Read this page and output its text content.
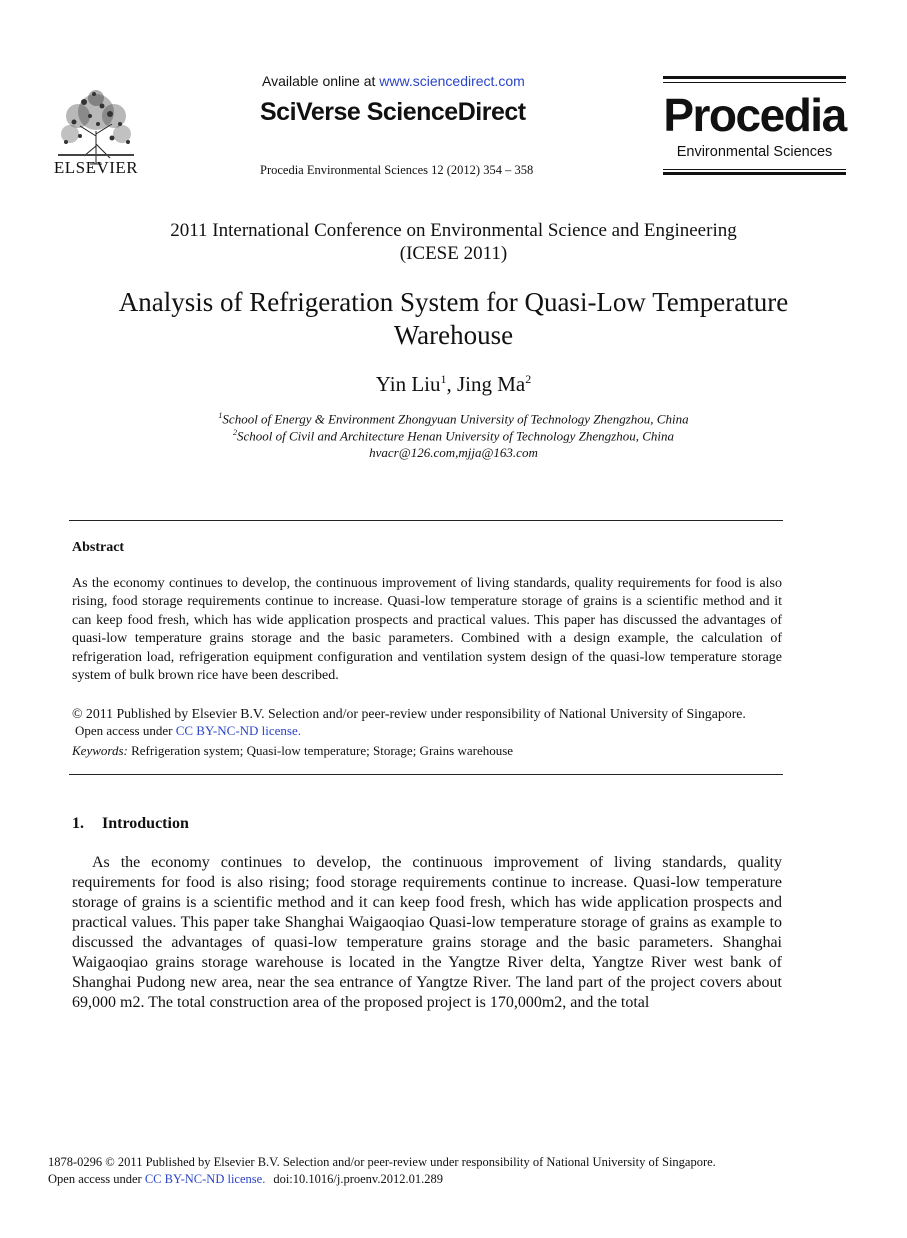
ELSEVIER
Available online at www.sciencedirect.com
SciVerse ScienceDirect
Procedia Environmental Sciences 12 (2012) 354 – 358
Procedia
Environmental Sciences
2011 International Conference on Environmental Science and Engineering
(ICESE 2011)
Analysis of Refrigeration System for Quasi-Low Temperature
Warehouse
Yin Liu$^1$, Jing Ma$^2$
$^1$School of Energy & Environment Zhongyuan University of Technology Zhengzhou, China
$^2$School of Civil and Architecture Henan University of Technology Zhengzhou, China
hvacr@126.com,mjja@163.com
Abstract
As the economy continues to develop, the continuous improvement of living standards, quality requirements for food is also rising, food storage requirements continue to increase. Quasi-low temperature storage of grains is a scientific method and it can keep food fresh, which has wide application prospects and practical values. This paper has discussed the advantages of quasi-low temperature grains storage and the basic parameters. Combined with a design example, the calculation of refrigeration load, refrigeration equipment configuration and ventilation system design of the quasi-low temperature storage system of bulk brown rice have been described.
© 2011 Published by Elsevier B.V. Selection and/or peer-review under responsibility of National University of Singapore.
Open access under CC BY-NC-ND license.
Keywords: Refrigeration system; Quasi-low temperature; Storage; Grains warehouse
1. Introduction
As the economy continues to develop, the continuous improvement of living standards, quality requirements for food is also rising; food storage requirements continue to increase. Quasi-low temperature storage of grains is a scientific method and it can keep food fresh, which has wide application prospects and practical values. This paper take Shanghai Waigaoqiao Quasi-low temperature storage of grains as example to discussed the advantages of quasi-low temperature grains storage and the basic parameters. Shanghai Waigaoqiao grains storage warehouse is located in the Yangtze River delta, Yangtze River west bank of Shanghai Pudong new area, near the sea entrance of Yangtze River. The land part of the project covers about 69,000 m2. The total construction area of the proposed project is 170,000m2, and the total
1878-0296 © 2011 Published by Elsevier B.V. Selection and/or peer-review under responsibility of National University of Singapore.
Open access under CC BY-NC-ND license. doi:10.1016/j.proenv.2012.01.289
